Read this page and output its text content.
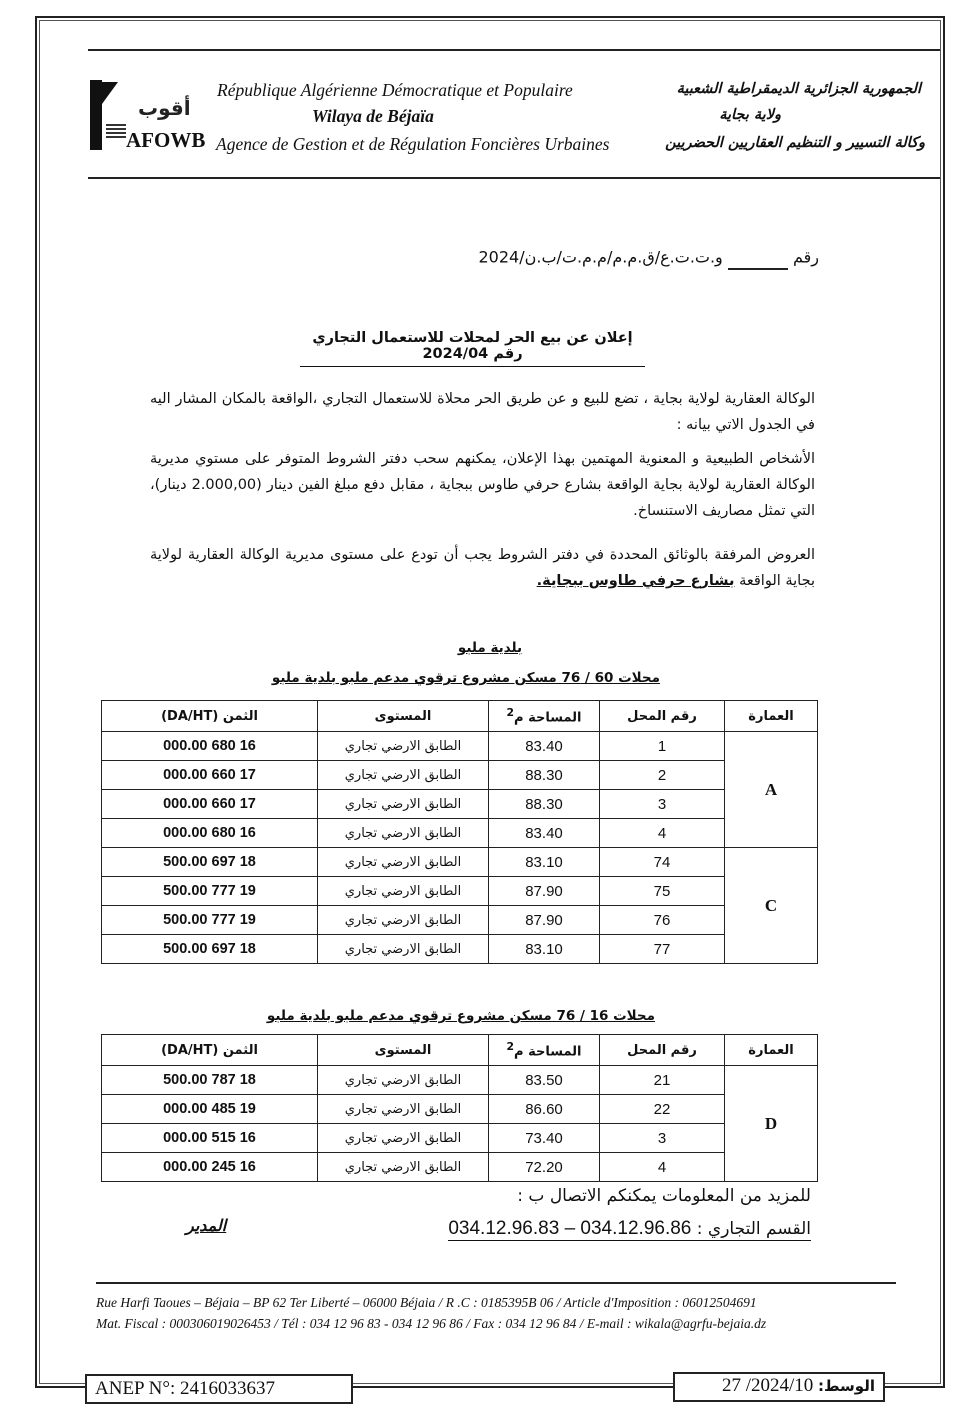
أقوب
AFOWB
République Algérienne Démocratique et Populaire
Wilaya de Béjaïa
Agence de Gestion et de Régulation Foncières Urbaines
الجمهورية الجزائرية الديمقراطية الشعبية
ولاية بجاية
وكالة التسيير و التنظيم العقاريين الحضريين
رقم  و.ت.ت.ع/ق.م.م/م.م.ت/ب.ن/2024
إعلان عن بيع الحر لمحلات للاستعمال التجاري رقم 2024/04
الوكالة العقارية لولاية بجاية ، تضع للبيع و عن طريق الحر محلاة للاستعمال التجاري ،الواقعة بالمكان المشار اليه في الجدول الاتي بيانه :
الأشخاص الطبيعية و المعنوية المهتمين بهذا الإعلان، يمكنهم سحب دفتر الشروط المتوفر على مستوي مديرية الوكالة العقارية لولاية بجاية الواقعة بشارع حرفي طاوس ببجاية ، مقابل دفع مبلغ الفين دينار (2.000,00 دينار)، التي تمثل مصاريف الاستنساخ.
العروض المرفقة بالوثائق المحددة في دفتر الشروط يجب أن تودع على مستوى مديرية الوكالة العقارية لولاية بجاية الواقعة بشارع حرفي طاوس ببجاية.
بلدية ملبو
محلات 60 / 76 مسكن مشروع ترقوي مدعم ملبو بلدية ملبو
العمارة	رقم المحل	المساحة م$^2$	المستوى	الثمن (DA/HT)
A	1	83.40	الطابق الارضي تجاري	16 680 000.00
	2	88.30	الطابق الارضي تجاري	17 660 000.00
	3	88.30	الطابق الارضي تجاري	17 660 000.00
	4	83.40	الطابق الارضي تجاري	16 680 000.00
C	74	83.10	الطابق الارضي تجاري	18 697 500.00
	75	87.90	الطابق الارضي تجاري	19 777 500.00
	76	87.90	الطابق الارضي تجاري	19 777 500.00
	77	83.10	الطابق الارضي تجاري	18 697 500.00
محلات 16 / 76 مسكن مشروع ترقوي مدعم ملبو بلدية ملبو
العمارة	رقم المحل	المساحة م$^2$	المستوى	الثمن (DA/HT)
D	21	83.50	الطابق الارضي تجاري	18 787 500.00
	22	86.60	الطابق الارضي تجاري	19 485 000.00
	3	73.40	الطابق الارضي تجاري	16 515 000.00
	4	72.20	الطابق الارضي تجاري	16 245 000.00
للمزيد من المعلومات يمكنكم الاتصال ب :
القسم التجاري : 034.12.96.86 – 034.12.96.83
المدير
Rue Harfi Taoues – Béjaia – BP 62 Ter Liberté – 06000 Béjaia / R .C : 0185395B 06 / Article d'Imposition : 06012504691
Mat. Fiscal : 000306019026453 / Tél : 034 12 96 83 - 034 12 96 86 / Fax : 034 12 96 84 / E-mail : wikala@agrfu-bejaia.dz
ANEP N°: 2416033637	الوسط: 2024/10/ 27
